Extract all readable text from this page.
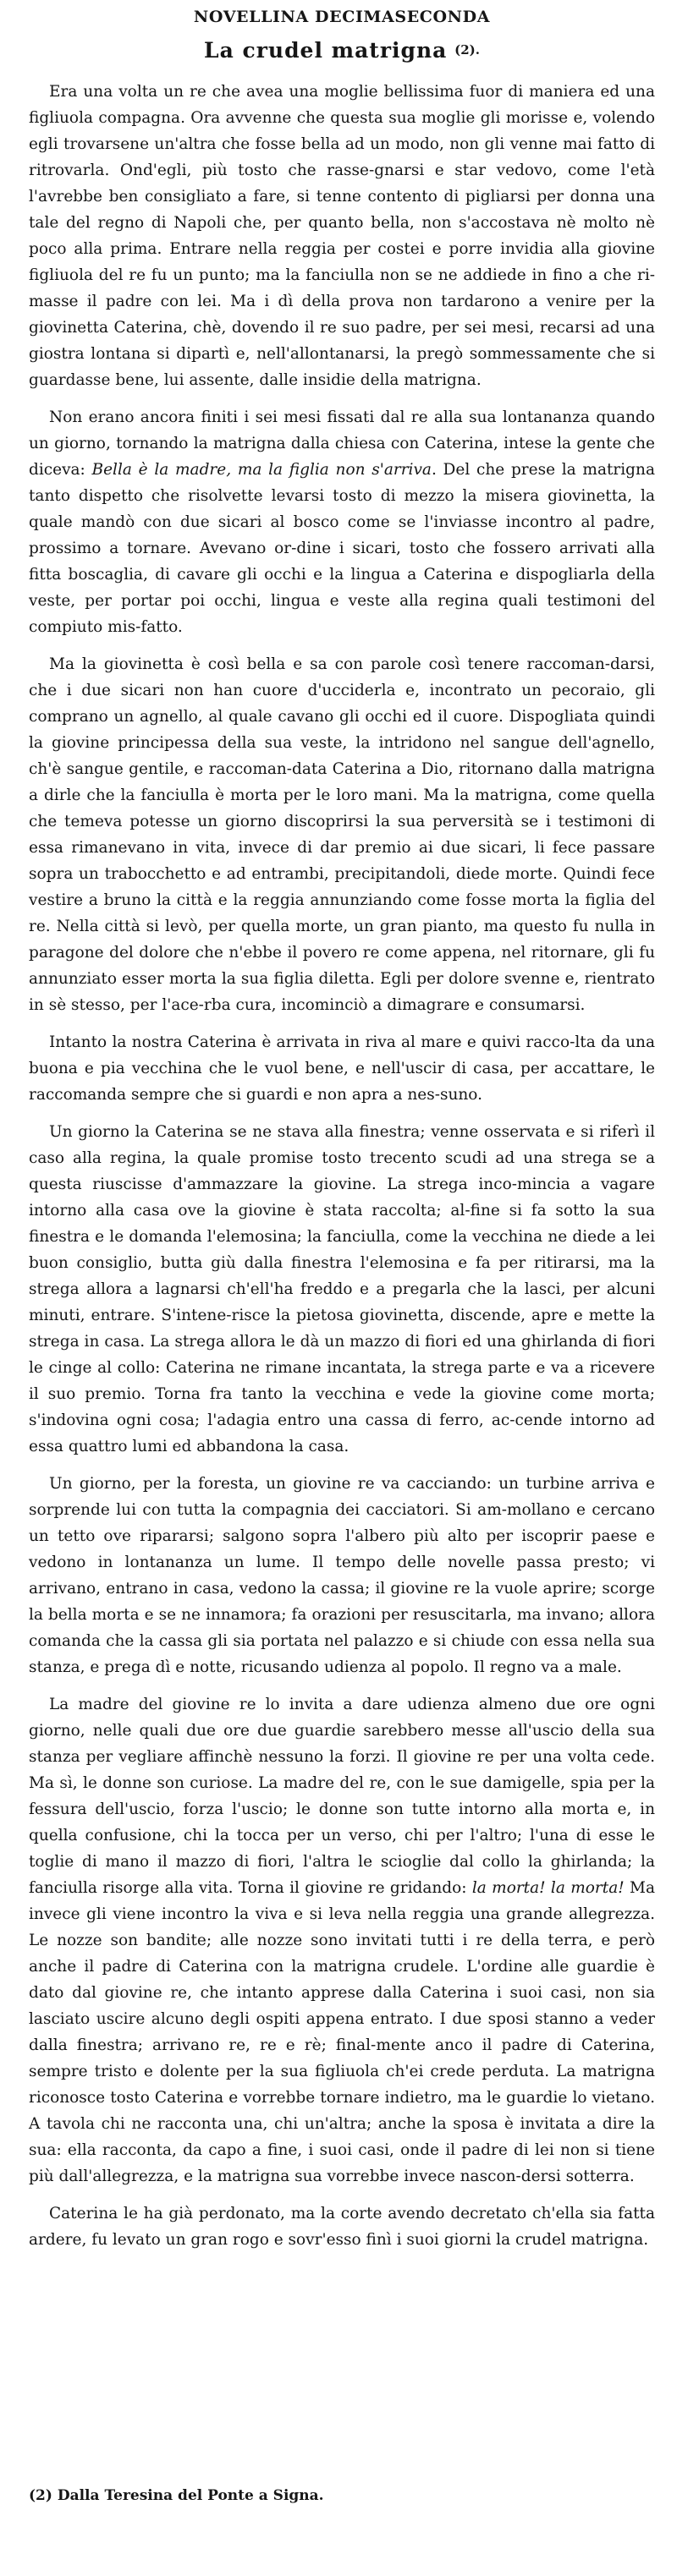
NOVELLINA DECIMASECONDA
La crudel matrigna (2).

Era una volta un re che avea una moglie bellissima fuor di maniera ed una figliuola compagna. Ora avvenne che questa sua moglie gli morisse e, volendo egli trovarsene un'altra che fosse bella ad un modo, non gli venne mai fatto di ritrovarla. Ond'egli, più tosto che rasse-gnarsi e star vedovo, come l'età l'avrebbe ben consigliato a fare, si tenne contento di pigliarsi per donna una tale del regno di Napoli che, per quanto bella, non s'accostava nè molto nè poco alla prima. Entrare nella reggia per costei e porre invidia alla giovine figliuola del re fu un punto; ma la fanciulla non se ne addiede in fino a che ri-masse il padre con lei. Ma i dì della prova non tardarono a venire per la giovinetta Caterina, chè, dovendo il re suo padre, per sei mesi, recarsi ad una giostra lontana si dipartì e, nell'allontanarsi, la pregò sommessamente che si guardasse bene, lui assente, dalle insidie della matrigna.

Non erano ancora finiti i sei mesi fissati dal re alla sua lontananza quando un giorno, tornando la matrigna dalla chiesa con Caterina, intese la gente che diceva: Bella è la madre, ma la figlia non s'arriva. Del che prese la matrigna tanto dispetto che risolvette levarsi tosto di mezzo la misera giovinetta, la quale mandò con due sicari al bosco come se l'inviasse incontro al padre, prossimo a tornare. Avevano or-dine i sicari, tosto che fossero arrivati alla fitta boscaglia, di cavare gli occhi e la lingua a Caterina e dispogliarla della veste, per portar poi occhi, lingua e veste alla regina quali testimoni del compiuto mis-fatto.

Ma la giovinetta è così bella e sa con parole così tenere raccoman-darsi, che i due sicari non han cuore d'ucciderla e, incontrato un pecoraio, gli comprano un agnello, al quale cavano gli occhi ed il cuore. Dispogliata quindi la giovine principessa della sua veste, la intridono nel sangue dell'agnello, ch'è sangue gentile, e raccoman-data Caterina a Dio, ritornano dalla matrigna a dirle che la fanciulla è morta per le loro mani. Ma la matrigna, come quella che temeva potesse un giorno discoprirsi la sua perversità se i testimoni di essa rimanevano in vita, invece di dar premio ai due sicari, li fece passare sopra un trabocchetto e ad entrambi, precipitandoli, diede morte. Quindi fece vestire a bruno la città e la reggia annunziando come fosse morta la figlia del re. Nella città si levò, per quella morte, un gran pianto, ma questo fu nulla in paragone del dolore che n'ebbe il povero re come appena, nel ritornare, gli fu annunziato esser morta la sua figlia diletta. Egli per dolore svenne e, rientrato in sè stesso, per l'ace-rba cura, incominciò a dimagrare e consumarsi.

Intanto la nostra Caterina è arrivata in riva al mare e quivi racco-lta da una buona e pia vecchina che le vuol bene, e nell'uscir di casa, per accattare, le raccomanda sempre che si guardi e non apra a nes-suno.

Un giorno la Caterina se ne stava alla finestra; venne osservata e si riferì il caso alla regina, la quale promise tosto trecento scudi ad una strega se a questa riuscisse d'ammazzare la giovine. La strega inco-mincia a vagare intorno alla casa ove la giovine è stata raccolta; al-fine si fa sotto la sua finestra e le domanda l'elemosina; la fanciulla, come la vecchina ne diede a lei buon consiglio, butta giù dalla finestra l'elemosina e fa per ritirarsi, ma la strega allora a lagnarsi ch'ell'ha freddo e a pregarla che la lasci, per alcuni minuti, entrare. S'intene-risce la pietosa giovinetta, discende, apre e mette la strega in casa. La strega allora le dà un mazzo di fiori ed una ghirlanda di fiori le cinge al collo: Caterina ne rimane incantata, la strega parte e va a ricevere il suo premio. Torna fra tanto la vecchina e vede la giovine come morta; s'indovina ogni cosa; l'adagia entro una cassa di ferro, ac-cende intorno ad essa quattro lumi ed abbandona la casa.

Un giorno, per la foresta, un giovine re va cacciando: un turbine arriva e sorprende lui con tutta la compagnia dei cacciatori. Si am-mollano e cercano un tetto ove ripararsi; salgono sopra l'albero più alto per iscoprir paese e vedono in lontananza un lume. Il tempo delle novelle passa presto; vi arrivano, entrano in casa, vedono la cassa; il giovine re la vuole aprire; scorge la bella morta e se ne innamora; fa orazioni per resuscitarla, ma invano; allora comanda che la cassa gli sia portata nel palazzo e si chiude con essa nella sua stanza, e prega dì e notte, ricusando udienza al popolo. Il regno va a male.

La madre del giovine re lo invita a dare udienza almeno due ore ogni giorno, nelle quali due ore due guardie sarebbero messe all'uscio della sua stanza per vegliare affinchè nessuno la forzi. Il giovine re per una volta cede. Ma sì, le donne son curiose. La madre del re, con le sue damigelle, spia per la fessura dell'uscio, forza l'uscio; le donne son tutte intorno alla morta e, in quella confusione, chi la tocca per un verso, chi per l'altro; l'una di esse le toglie di mano il mazzo di fiori, l'altra le scioglie dal collo la ghirlanda; la fanciulla risorge alla vita. Torna il giovine re gridando: la morta! la morta! Ma invece gli viene incontro la viva e si leva nella reggia una grande allegrezza. Le nozze son bandite; alle nozze sono invitati tutti i re della terra, e però anche il padre di Caterina con la matrigna crudele. L'ordine alle guardie è dato dal giovine re, che intanto apprese dalla Caterina i suoi casi, non sia lasciato uscire alcuno degli ospiti appena entrato. I due sposi stanno a veder dalla finestra; arrivano re, re e rè; final-mente anco il padre di Caterina, sempre tristo e dolente per la sua figliuola ch'ei crede perduta. La matrigna riconosce tosto Caterina e vorrebbe tornare indietro, ma le guardie lo vietano. A tavola chi ne racconta una, chi un'altra; anche la sposa è invitata a dire la sua: ella racconta, da capo a fine, i suoi casi, onde il padre di lei non si tiene più dall'allegrezza, e la matrigna sua vorrebbe invece nascon-dersi sotterra.

Caterina le ha già perdonato, ma la corte avendo decretato ch'ella sia fatta ardere, fu levato un gran rogo e sovr'esso finì i suoi giorni la crudel matrigna.

(2) Dalla Teresina del Ponte a Signa.
